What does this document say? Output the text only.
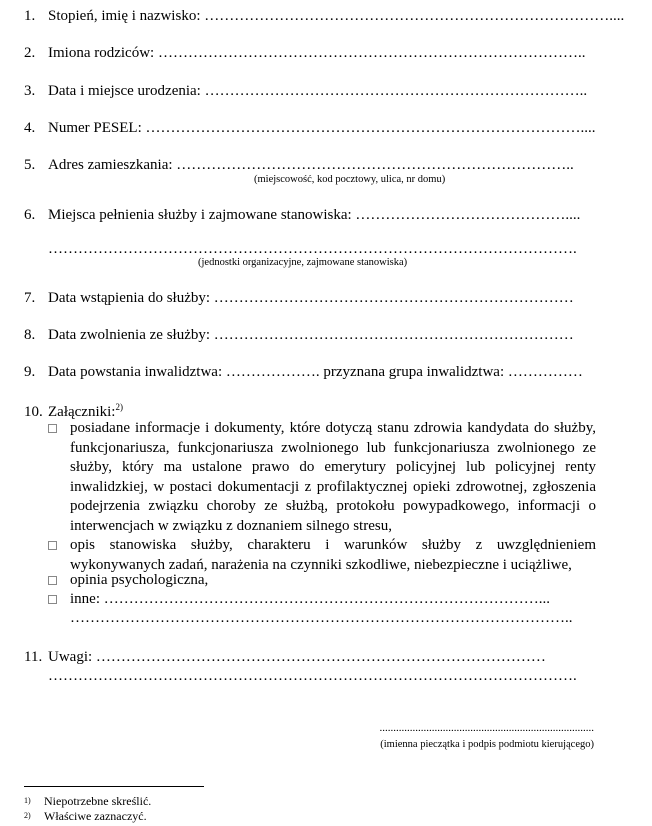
1. Stopień, imię i nazwisko: ………………………………………………………………………....
2. Imiona rodziców: …………………………………………………………………………..
3. Data i miejsce urodzenia: …………………………………………………………………..
4. Numer PESEL: ……………………………………………………………………………....
5. Adres zamieszkania: ……………………………………………………………………..
(miejscowość, kod pocztowy, ulica, nr domu)
6. Miejsca pełnienia służby i zajmowane stanowiska: ……………………………………....
…………………………………………………………………………………………….
(jednostki organizacyjne, zajmowane stanowiska)
7. Data wstąpienia do służby: ………………………………………………………………
8. Data zwolnienia ze służby: ………………………………………………………………
9. Data powstania inwalidztwa: ………………. przyznana grupa inwalidztwa: ……………
10. Załączniki:$^{2)}$
posiadane informacje i dokumenty, które dotyczą stanu zdrowia kandydata do służby, funkcjonariusza, funkcjonariusza zwolnionego lub funkcjonariusza zwolnionego ze służby, który ma ustalone prawo do emerytury policyjnej lub policyjnej renty inwalidzkiej, w postaci dokumentacji z profilaktycznej opieki zdrowotnej, zgłoszenia podejrzenia związku choroby ze służbą, protokołu powypadkowego, informacji o interwencjach w związku z doznaniem silnego stresu,
opis stanowiska służby, charakteru i warunków służby z uwzględnieniem wykonywanych zadań, narażenia na czynniki szkodliwe, niebezpieczne i uciążliwe,
opinia psychologiczna,
inne: ……………………………………………………………………………...
………………………………………………………………………………………..
11. Uwagi: ………………………………………………………………………………
…………………………………………………………………………………………….
..............................................................................
(imienna pieczątka i podpis podmiotu kierującego)
$^{1)}$ Niepotrzebne skreślić.
$^{2)}$ Właściwe zaznaczyć.
